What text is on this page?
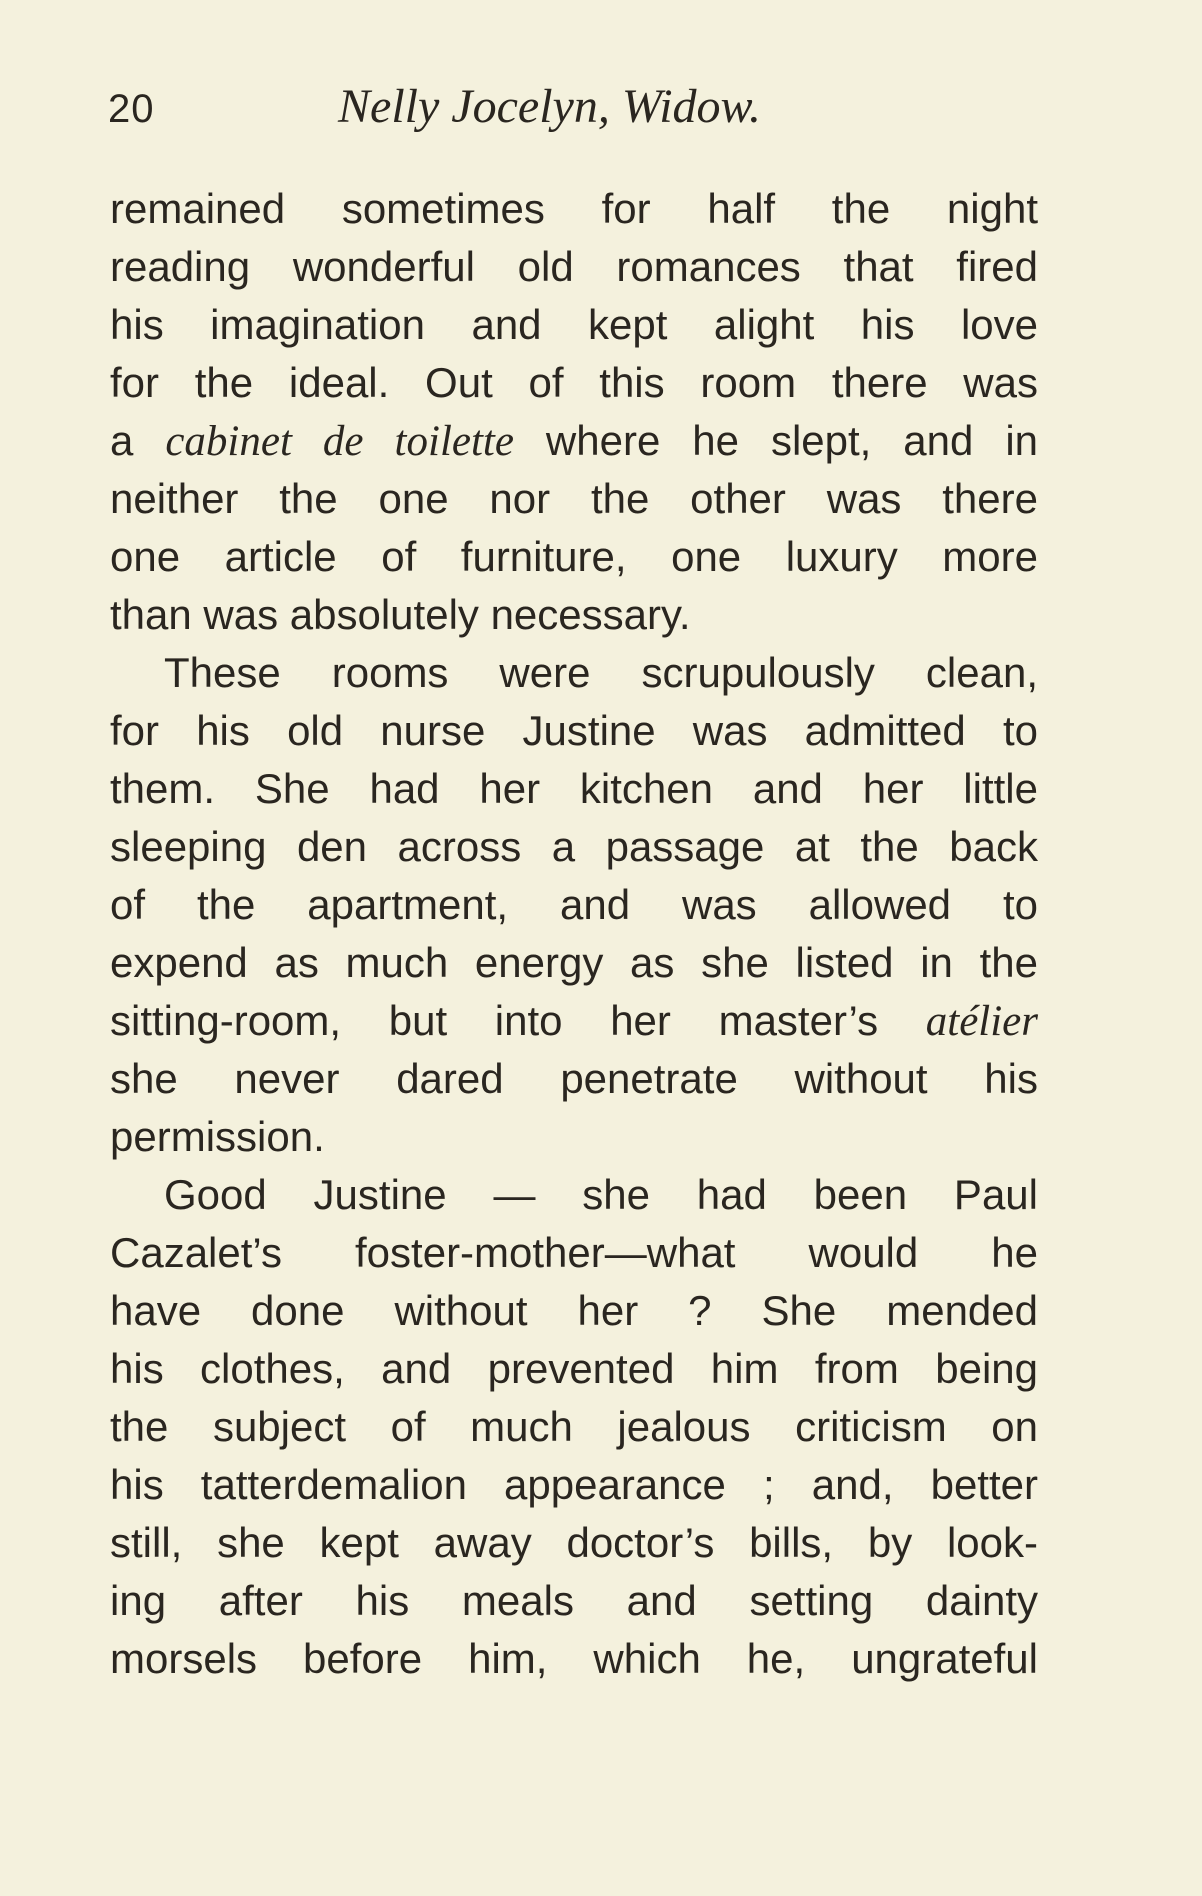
20	Nelly Jocelyn, Widow.
remained sometimes for half the night
reading wonderful old romances that fired
his imagination and kept alight his love
for the ideal. Out of this room there was
a cabinet de toilette where he slept, and in
neither the one nor the other was there
one article of furniture, one luxury more
than was absolutely necessary.
These rooms were scrupulously clean,
for his old nurse Justine was admitted to
them. She had her kitchen and her little
sleeping den across a passage at the back
of the apartment, and was allowed to
expend as much energy as she listed in the
sitting-room, but into her master’s atélier
she never dared penetrate without his
permission.
Good Justine — she had been Paul
Cazalet’s foster-mother—what would he
have done without her ? She mended
his clothes, and prevented him from being
the subject of much jealous criticism on
his tatterdemalion appearance ; and, better
still, she kept away doctor’s bills, by look-
ing after his meals and setting dainty
morsels before him, which he, ungrateful
